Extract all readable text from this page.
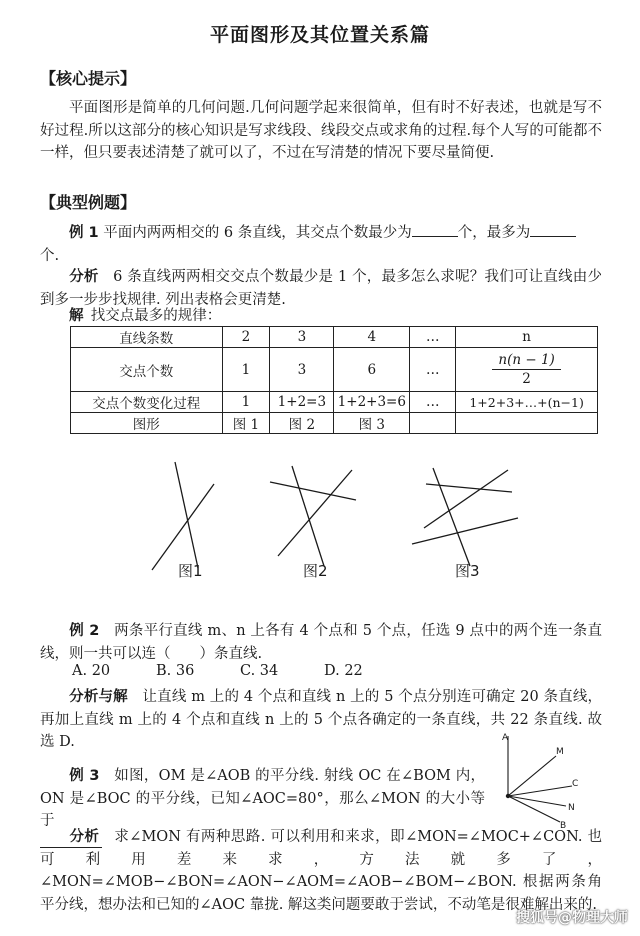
平面图形及其位置关系篇
【核心提示】
平面图形是简单的几何问题.几何问题学起来很简单，但有时不好表述，也就是写不好过程.所以这部分的核心知识是写求线段、线段交点或求角的过程.每个人写的可能都不一样，但只要表述清楚了就可以了，不过在写清楚的情况下要尽量简便.
【典型例题】
  例 1 平面内两两相交的 6 条直线，其交点个数最少为	个，最多为
个.
  分析  6 条直线两两相交交点个数最少是 1 个，最多怎么求呢？我们可让直线由少到多一步步找规律. 列出表格会更清楚.
  解  找交点最多的规律：
直线条数	2	3	4	…	n
交点个数	1	3	6	…	$\frac{n(n - 1)}{2}$

交点个数变化过程	1	1+2=3	1+2+3=6	…	1+2+3+…+(n−1)
图形	图 1	图 2	图 3		
图1	图2	图3
  例 2  两条平行直线 m、n 上各有 4 个点和 5 个点，任选 9 点中的两个连一条直线，则一共可以连（　　）条直线.
A. 20	B. 36	C. 34	D. 22
  分析与解  让直线 m 上的 4 个点和直线 n 上的 5 个点分别连可确定 20 条直线，再加上直线 m 上的 4 个点和直线 n 上的 5 个点各确定的一条直线，共 22 条直线. 故选 D.
  例 3  如图，OM 是∠AOB 的平分线. 射线 OC 在∠BOM 内，ON 是∠BOC 的平分线，已知∠AOC=80°，那么∠MON 的大小等于

A
M
C
N
B
  分析  求∠MON 有两种思路. 可以利用和来求，即∠MON=∠MOC+∠CON. 也可利用差来求，方法就多了，∠MON=∠MOB−∠BON=∠AON−∠AOM=∠AOB−∠BOM−∠BON. 根据两条角平分线，想办法和已知的∠AOC 靠拢. 解这类问题要敢于尝试，不动笔是很难解出来的.
搜狐号@物理大师
